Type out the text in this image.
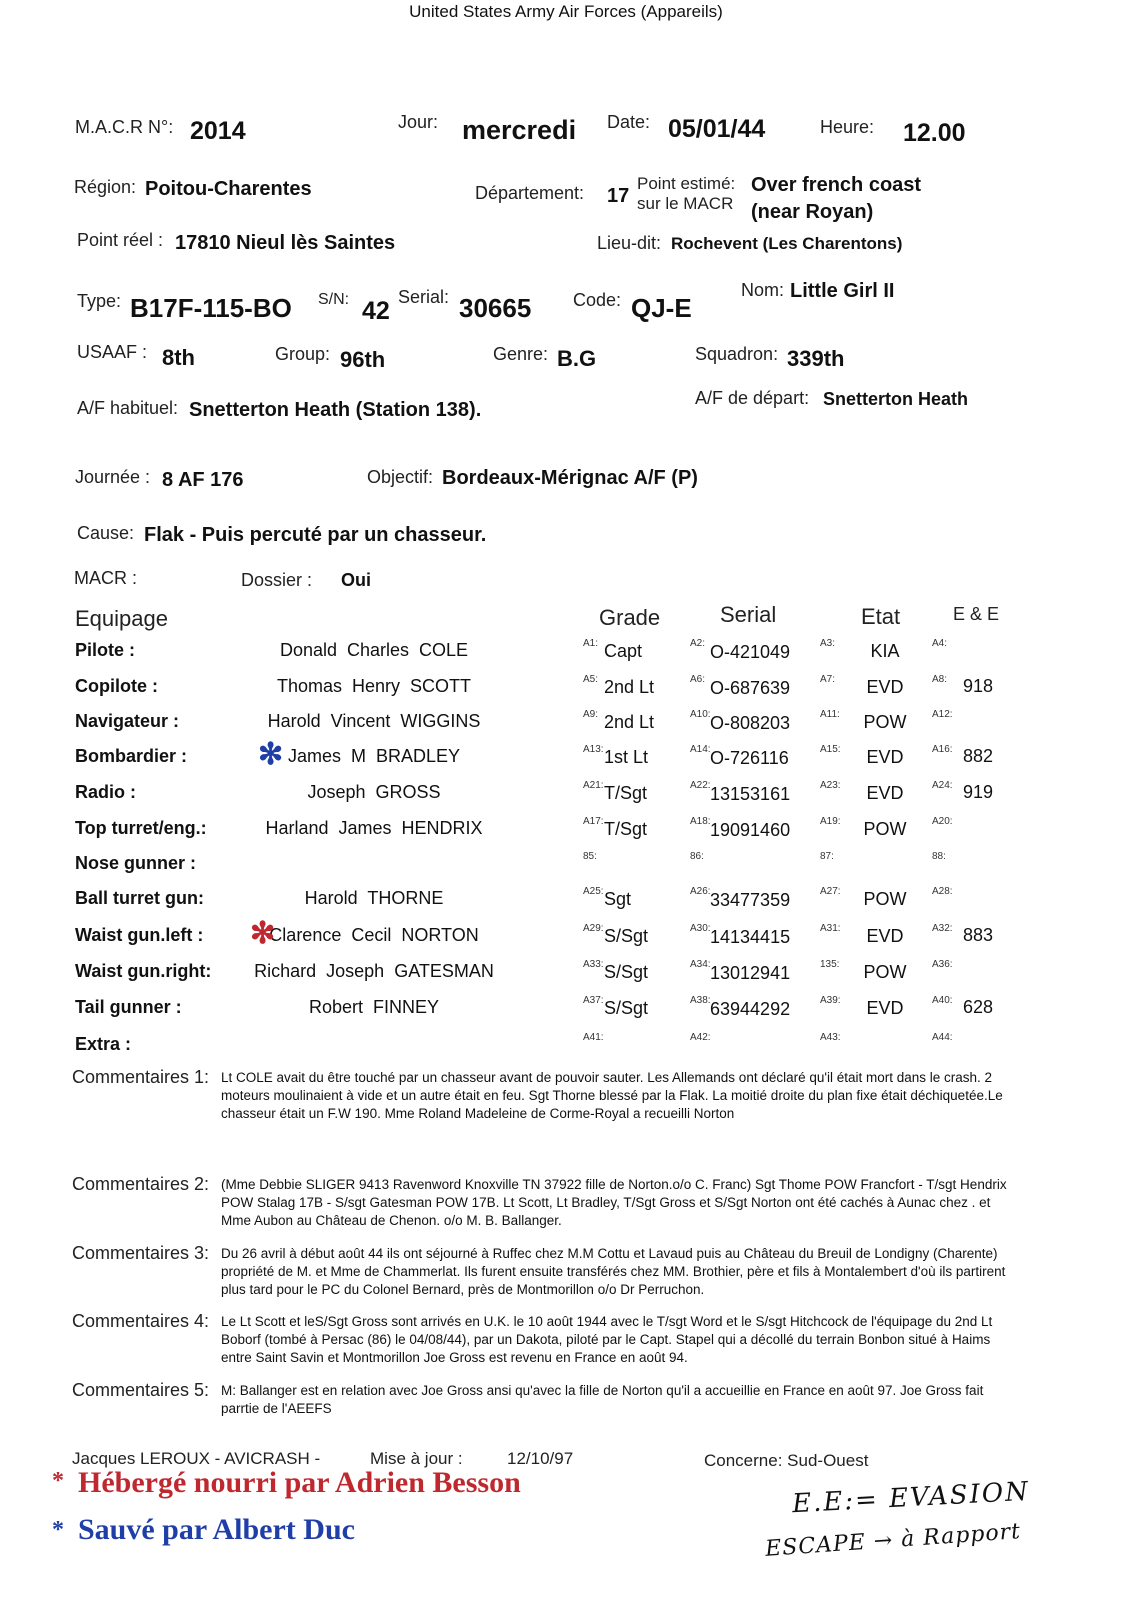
United States Army Air Forces (Appareils)
M.A.C.R N°: 2014	Jour: mercredi Date: 05/01/44	Heure: 12.00
Région: Poitou-Charentes	Département: 17
Point estimé:
sur le MACR
Over french coast
(near Royan)
Point réel : 17810 Nieul lès Saintes	Lieu-dit: Rochevent (Les Charentons)
Type: B17F-115-BO S/N: 42 Serial: 30665 Code: QJ-E
Nom: Little Girl II
USAAF : 8th	Group: 96th	Genre: B.G	Squadron: 339th
A/F habituel: Snetterton Heath (Station 138).
A/F de départ: Snetterton Heath
Journée : 8 AF 176	Objectif: Bordeaux-Mérignac A/F (P)
Cause: Flak - Puis percuté par un chasseur.
MACR :	Dossier : Oui
Equipage	Grade	Serial	Etat	E & E
Pilote :	Donald Charles COLE	A1: Capt	A2: O-421049	A3: KIA	A4:
Copilote :	Thomas Henry SCOTT	A5: 2nd Lt	A6: O-687639	A7: EVD	A8: 918
Navigateur :	Harold Vincent WIGGINS	A9: 2nd Lt	A10: O-808203	A11: POW	A12:
Bombardier :	James M BRADLEY	A13: 1st Lt	A14: O-726116	A15: EVD	A16: 882
✻
Radio :	Joseph GROSS	A21: T/Sgt	A22: 13153161	A23: EVD	A24: 919
Top turret/eng.:	Harland James HENDRIX	A17: T/Sgt	A18: 19091460	A19: POW	A20:
Nose gunner :	85:	86:	87:	88:
Ball turret gun:	Harold THORNE	A25: Sgt	A26: 33477359	A27: POW	A28:
Waist gun.left :	Clarence Cecil NORTON	A29: S/Sgt	A30: 14134415	A31: EVD	A32: 883
✻
Waist gun.right: Richard Joseph GATESMAN	A33: S/Sgt	A34: 13012941	135: POW	A36:
Tail gunner :	Robert FINNEY	A37: S/Sgt	A38: 63944292	A39: EVD	A40: 628
Extra :	A41:	A42:	A43:	A44:
Commentaires 1: Lt COLE avait du être touché par un chasseur avant de pouvoir sauter. Les Allemands ont déclaré qu'il était mort dans le crash. 2 moteurs moulinaient à vide et un autre était en feu. Sgt Thorne blessé par la Flak. La moitié droite du plan fixe était déchiquetée.Le chasseur était un F.W 190. Mme Roland Madeleine de Corme-Royal a recueilli Norton
Commentaires 2: (Mme Debbie SLIGER 9413 Ravenword Knoxville TN 37922 fille de Norton.o/o C. Franc) Sgt Thome POW Francfort - T/sgt Hendrix POW Stalag 17B - S/sgt Gatesman POW 17B. Lt Scott, Lt Bradley, T/Sgt Gross et S/Sgt Norton ont été cachés à Aunac chez . et Mme Aubon au Château de Chenon. o/o M. B. Ballanger.
Commentaires 3: Du 26 avril à début août 44 ils ont séjourné à Ruffec chez M.M Cottu et Lavaud puis au Château du Breuil de Londigny (Charente) propriété de M. et Mme de Chammerlat. Ils furent ensuite transférés chez MM. Brothier, père et fils à Montalembert d'où ils partirent plus tard pour le PC du Colonel Bernard, près de Montmorillon o/o Dr Perruchon.
Commentaires 4: Le Lt Scott et leS/Sgt Gross sont arrivés en U.K. le 10 août 1944 avec le T/sgt Word et le S/sgt Hitchcock de l'équipage du 2nd Lt Boborf (tombé à Persac (86) le 04/08/44), par un Dakota, piloté par le Capt. Stapel qui a décollé du terrain Bonbon situé à Haims entre Saint Savin et Montmorillon Joe Gross est revenu en France en août 94.
Commentaires 5: M: Ballanger est en relation avec Joe Gross ansi qu'avec la fille de Norton qu'il a accueillie en France en août 97. Joe Gross fait parrtie de l'AEEFS
Jacques LEROUX - AVICRASH -	Mise à jour :	12/10/97	Concerne: Sud-Ouest
* Hébergé nourri par Adrien Besson
* Sauvé par Albert Duc
E.E:= EVASION
ESCAPE → à Rapport
